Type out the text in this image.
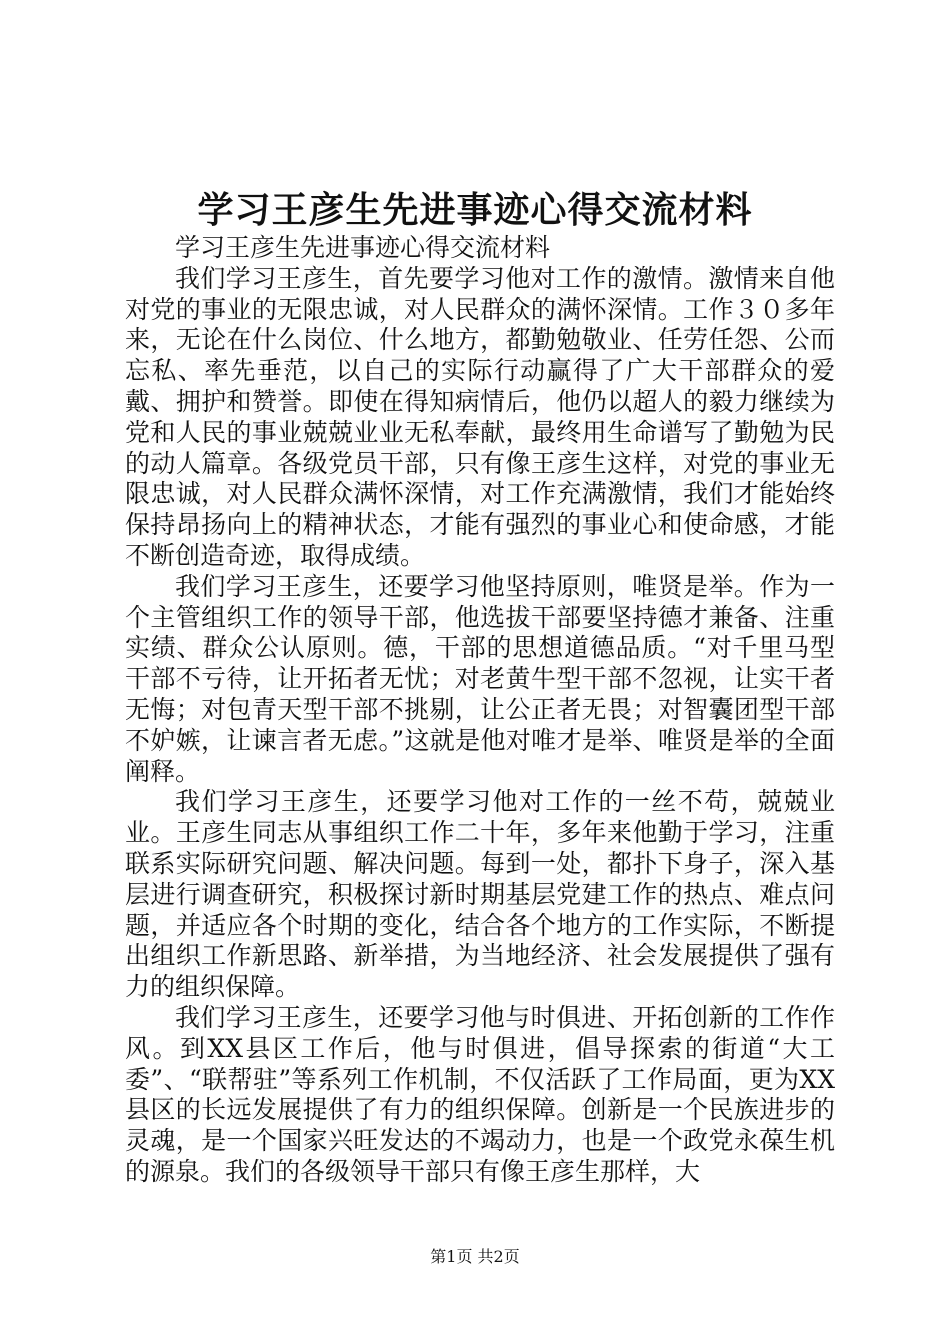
学习王彦生先进事迹心得交流材料

学习王彦生先进事迹心得交流材料

我们学习王彦生，首先要学习他对工作的激情。激情来自他对党的事业的无限忠诚，对人民群众的满怀深情。工作３０多年来，无论在什么岗位、什么地方，都勤勉敬业、任劳任怨、公而忘私、率先垂范，以自己的实际行动赢得了广大干部群众的爱戴、拥护和赞誉。即使在得知病情后，他仍以超人的毅力继续为党和人民的事业兢兢业业无私奉献，最终用生命谱写了勤勉为民的动人篇章。各级党员干部，只有像王彦生这样，对党的事业无限忠诚，对人民群众满怀深情，对工作充满激情，我们才能始终保持昂扬向上的精神状态，才能有强烈的事业心和使命感，才能不断创造奇迹，取得成绩。

我们学习王彦生，还要学习他坚持原则，唯贤是举。作为一个主管组织工作的领导干部，他选拔干部要坚持德才兼备、注重实绩、群众公认原则。德，干部的思想道德品质。“对千里马型干部不亏待，让开拓者无忧；对老黄牛型干部不忽视，让实干者无悔；对包青天型干部不挑剔，让公正者无畏；对智囊团型干部不妒嫉，让谏言者无虑。”这就是他对唯才是举、唯贤是举的全面阐释。

我们学习王彦生，还要学习他对工作的一丝不苟，兢兢业业。王彦生同志从事组织工作二十年，多年来他勤于学习，注重联系实际研究问题、解决问题。每到一处，都扑下身子，深入基层进行调查研究，积极探讨新时期基层党建工作的热点、难点问题，并适应各个时期的变化，结合各个地方的工作实际，不断提出组织工作新思路、新举措，为当地经济、社会发展提供了强有力的组织保障。

我们学习王彦生，还要学习他与时俱进、开拓创新的工作作风。到XX县区工作后，他与时俱进，倡导探索的街道“大工委”、“联帮驻”等系列工作机制，不仅活跃了工作局面，更为XX县区的长远发展提供了有力的组织保障。创新是一个民族进步的灵魂，是一个国家兴旺发达的不竭动力，也是一个政党永葆生机的源泉。我们的各级领导干部只有像王彦生那样，大

第1页 共2页
